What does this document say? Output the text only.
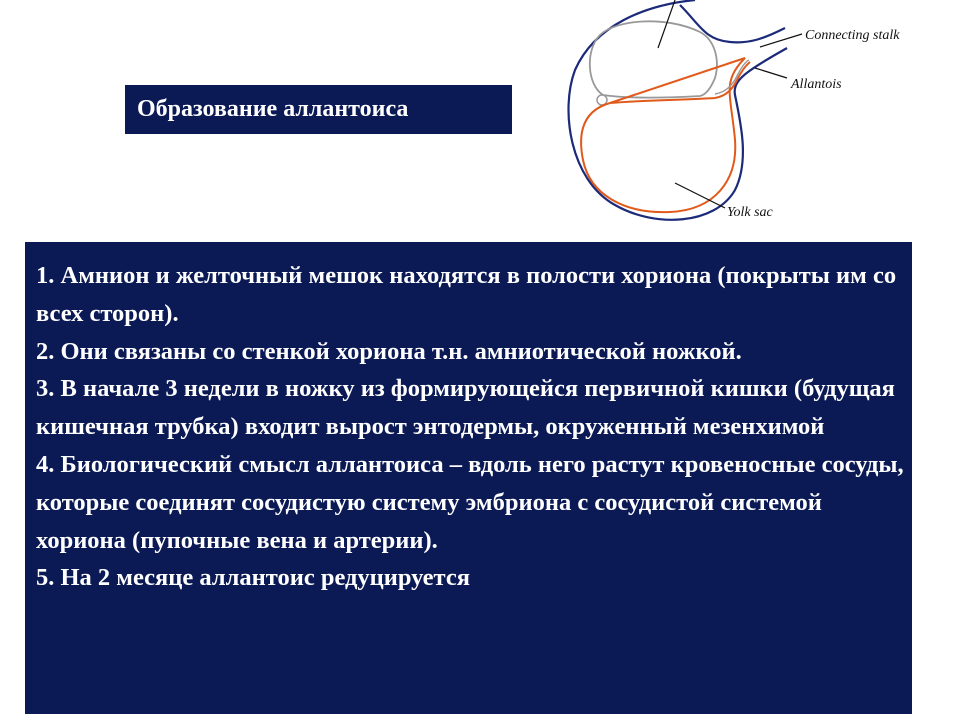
Образование аллантоиса
Connecting stalk
Allantois
Yolk sac

1. Амнион и желточный мешок находятся в полости хориона (покрыты им со всех сторон).

2. Они связаны со стенкой хориона т.н. амниотической ножкой.

3. В начале 3 недели в ножку из формирующейся первичной кишки (будущая кишечная трубка) входит вырост энтодермы, окруженный мезенхимой

4. Биологический смысл аллантоиса – вдоль него растут кровеносные сосуды, которые соединят сосудистую систему эмбриона с сосудистой системой хориона (пупочные вена и артерии).

5. На 2 месяце аллантоис редуцируется
